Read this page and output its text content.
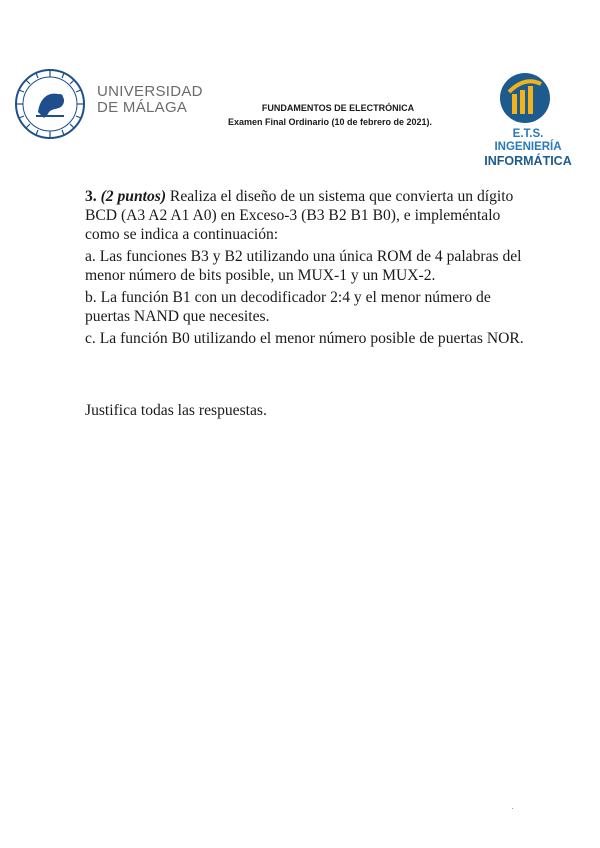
UNIVERSIDAD
DE MÁLAGA	FUNDAMENTOS DE ELECTRÓNICA
Examen Final Ordinario (10 de febrero de 2021).
E.T.S. INGENIERÍA
INFORMÁTICA

3. (2 puntos) Realiza el diseño de un sistema que convierta un dígito BCD (A3 A2 A1 A0) en Exceso-3 (B3 B2 B1 B0), e impleméntalo como se indica a continuación:

a. Las funciones B3 y B2 utilizando una única ROM de 4 palabras del menor número de bits posible, un MUX-1 y un MUX-2.

b. La función B1 con un decodificador 2:4 y el menor número de puertas NAND que necesites.

c. La función B0 utilizando el menor número posible de puertas NOR.

Justifica todas las respuestas.
